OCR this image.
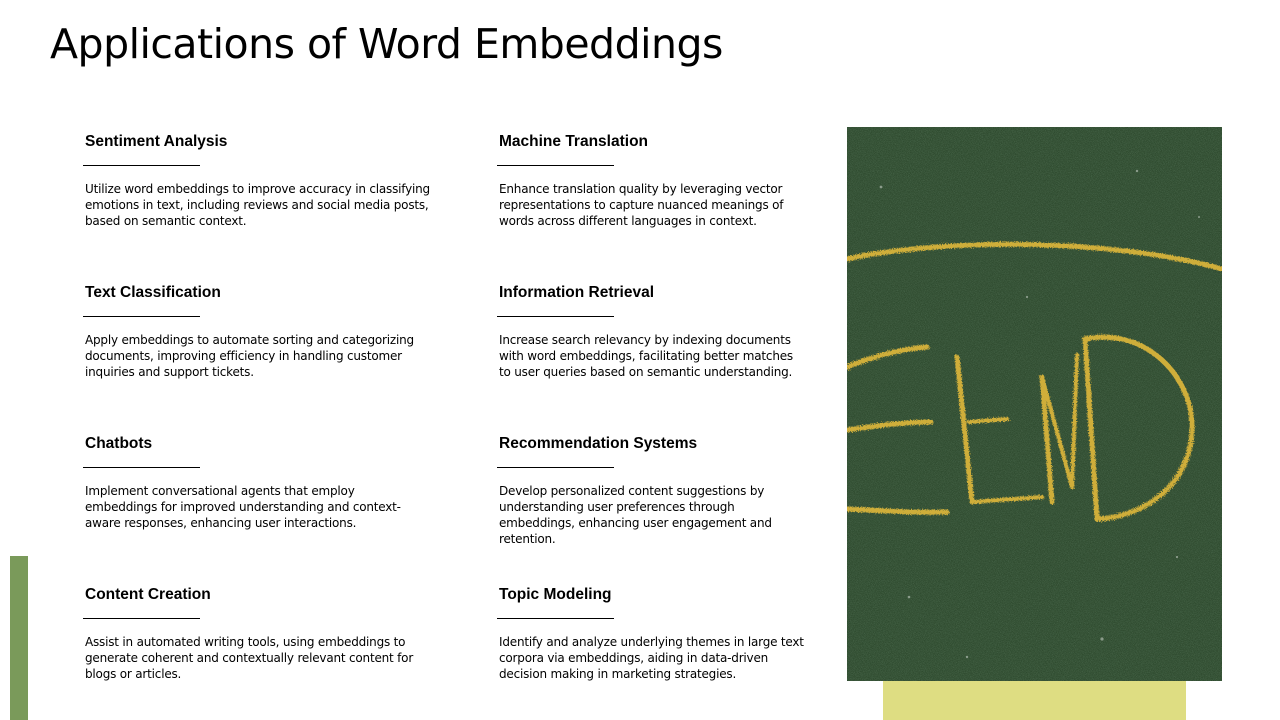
Applications of Word Embeddings
Sentiment Analysis
Utilize word embeddings to improve accuracy in classifying emotions in text, including reviews and social media posts, based on semantic context.
Machine Translation
Enhance translation quality by leveraging vector representations to capture nuanced meanings of words across different languages in context.
Text Classification
Apply embeddings to automate sorting and categorizing documents, improving efficiency in handling customer inquiries and support tickets.
Information Retrieval
Increase search relevancy by indexing documents with word embeddings, facilitating better matches to user queries based on semantic understanding.
Chatbots
Implement conversational agents that employ embeddings for improved understanding and context-aware responses, enhancing user interactions.
Recommendation Systems
Develop personalized content suggestions by understanding user preferences through embeddings, enhancing user engagement and retention.
Content Creation
Assist in automated writing tools, using embeddings to generate coherent and contextually relevant content for blogs or articles.
Topic Modeling
Identify and analyze underlying themes in large text corpora via embeddings, aiding in data-driven decision making in marketing strategies.
